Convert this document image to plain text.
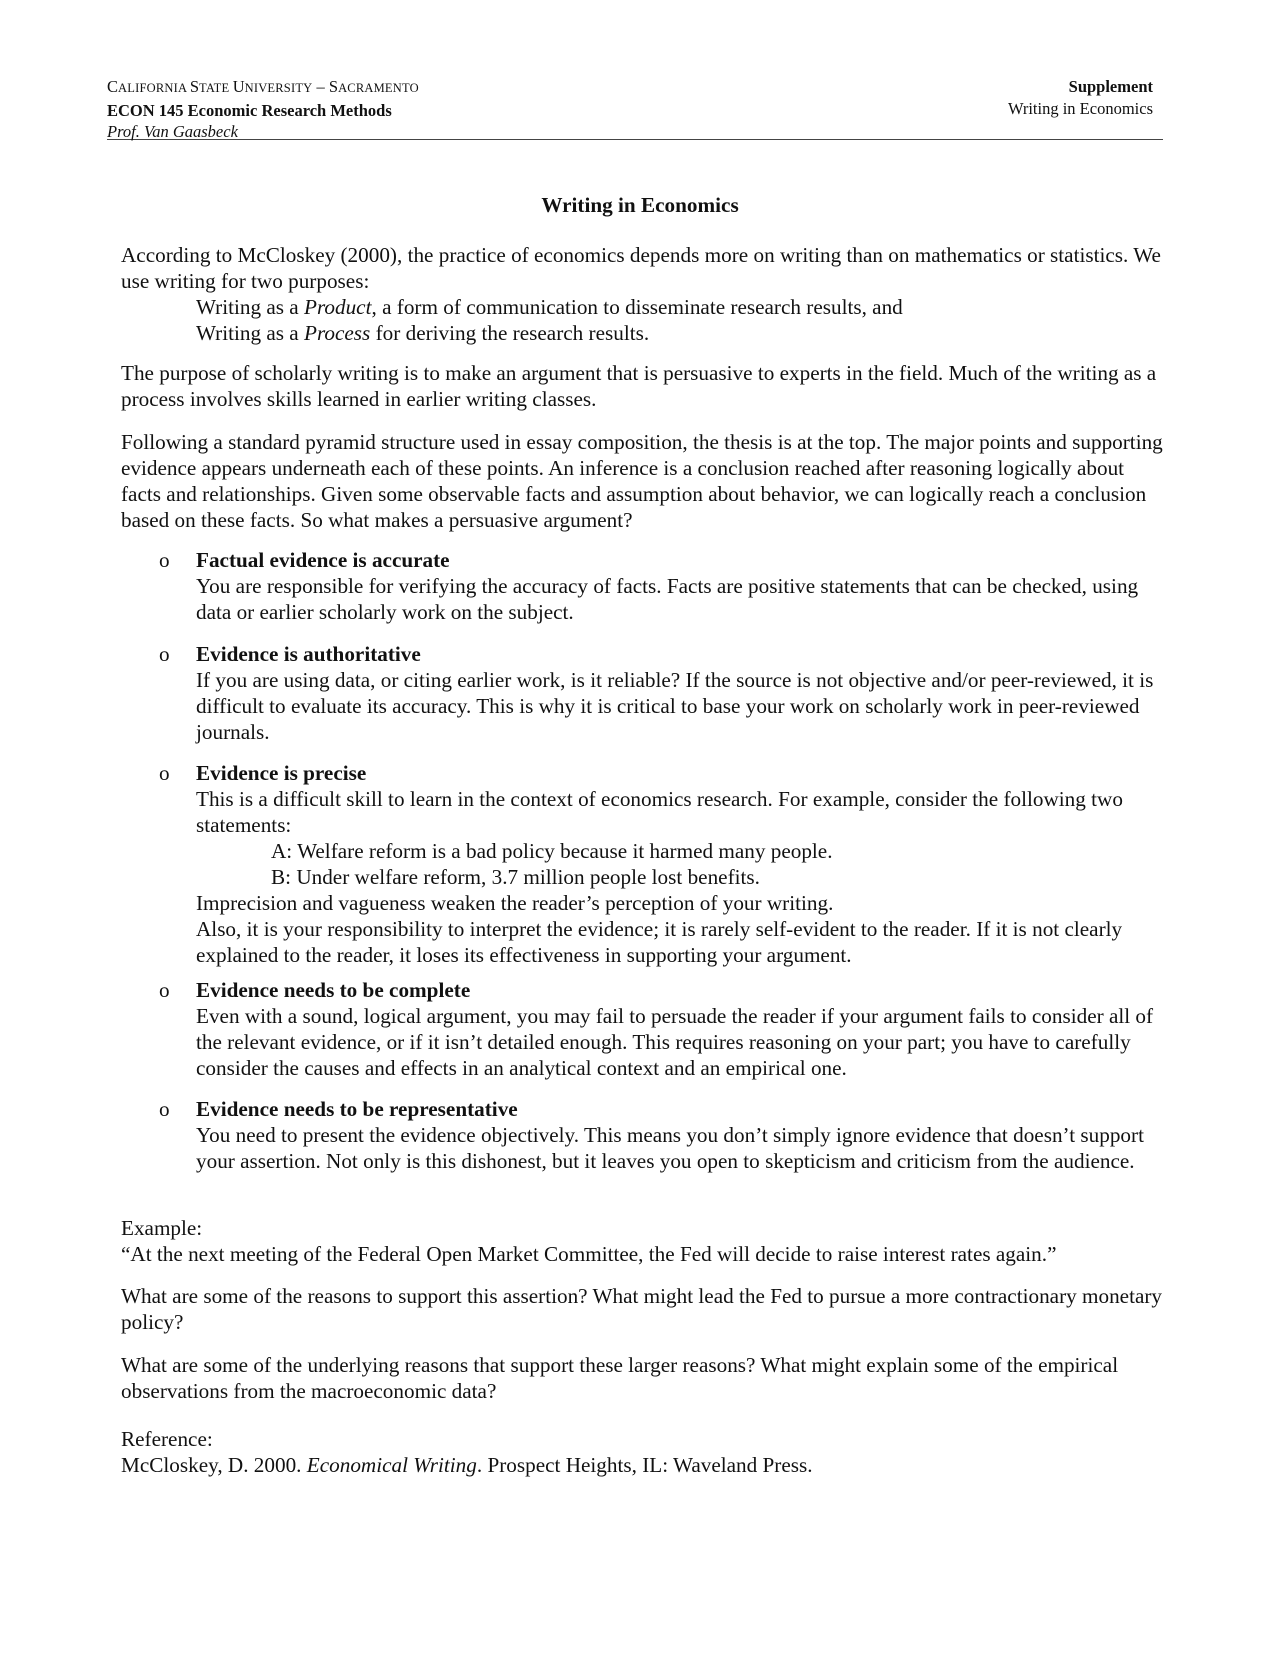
CALIFORNIA STATE UNIVERSITY – SACRAMENTO
ECON 145 Economic Research Methods
Prof. Van Gaasbeck
Supplement
Writing in Economics
Writing in Economics

According to McCloskey (2000), the practice of economics depends more on writing than on mathematics or statistics. We use writing for two purposes:

Writing as a Product, a form of communication to disseminate research results, and

Writing as a Process for deriving the research results.

The purpose of scholarly writing is to make an argument that is persuasive to experts in the field. Much of the writing as a process involves skills learned in earlier writing classes.
Following a standard pyramid structure used in essay composition, the thesis is at the top. The major points and supporting evidence appears underneath each of these points. An inference is a conclusion reached after reasoning logically about facts and relationships. Given some observable facts and assumption about behavior, we can logically reach a conclusion based on these facts. So what makes a persuasive argument?
o Factual evidence is accurate
You are responsible for verifying the accuracy of facts. Facts are positive statements that can be checked, using data or earlier scholarly work on the subject.
o Evidence is authoritative
If you are using data, or citing earlier work, is it reliable? If the source is not objective and/or peer-reviewed, it is difficult to evaluate its accuracy. This is why it is critical to base your work on scholarly work in peer-reviewed journals.
o Evidence is precise
This is a difficult skill to learn in the context of economics research. For example, consider the following two statements:
A: Welfare reform is a bad policy because it harmed many people.
B: Under welfare reform, 3.7 million people lost benefits.
Imprecision and vagueness weaken the reader’s perception of your writing.
Also, it is your responsibility to interpret the evidence; it is rarely self-evident to the reader. If it is not clearly explained to the reader, it loses its effectiveness in supporting your argument.
o Evidence needs to be complete
Even with a sound, logical argument, you may fail to persuade the reader if your argument fails to consider all of the relevant evidence, or if it isn’t detailed enough. This requires reasoning on your part; you have to carefully consider the causes and effects in an analytical context and an empirical one.
o Evidence needs to be representative
You need to present the evidence objectively. This means you don’t simply ignore evidence that doesn’t support your assertion. Not only is this dishonest, but it leaves you open to skepticism and criticism from the audience.

Example:

“At the next meeting of the Federal Open Market Committee, the Fed will decide to raise interest rates again.”

What are some of the reasons to support this assertion? What might lead the Fed to pursue a more contractionary monetary policy?
What are some of the underlying reasons that support these larger reasons? What might explain some of the empirical observations from the macroeconomic data?

Reference:

McCloskey, D. 2000. Economical Writing. Prospect Heights, IL: Waveland Press.
